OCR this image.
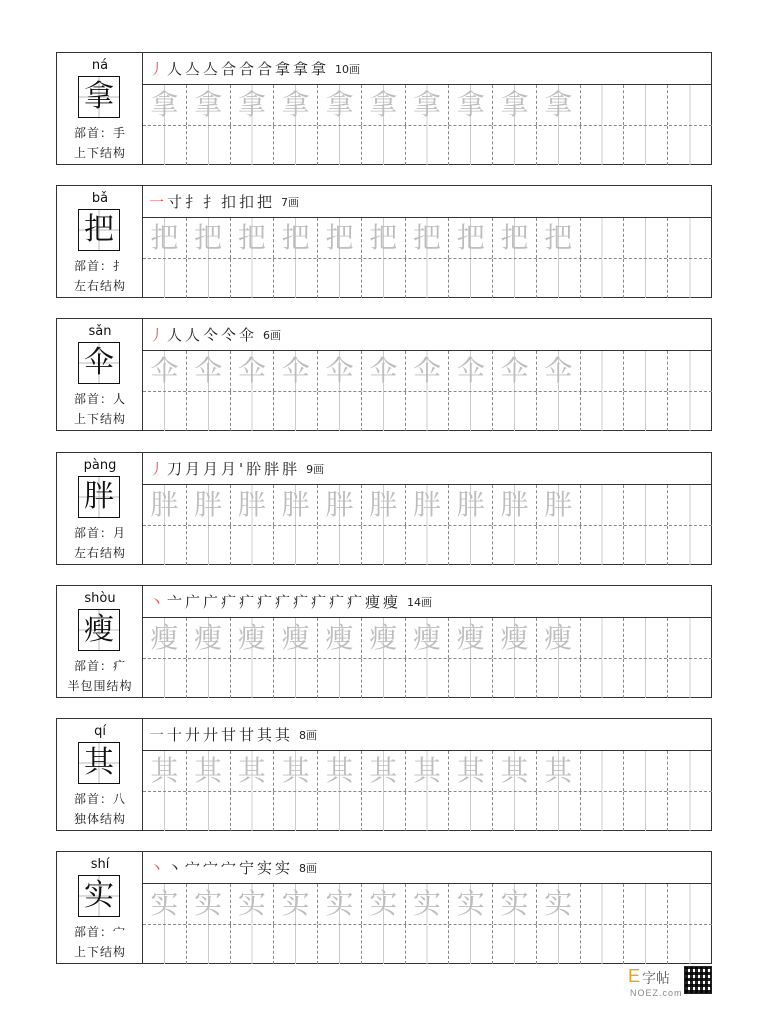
ná
拿
部首：手
上下结构
丿人亼亼合合合拿拿拿 10画
拿 拿 拿 拿 拿 拿 拿 拿 拿 拿
bǎ
把
部首：扌
左右结构
一寸扌扌扣扣把 7画
把 把 把 把 把 把 把 把 把 把
sǎn
伞
部首：人
上下结构
丿人人仒仒伞 6画
伞 伞 伞 伞 伞 伞 伞 伞 伞 伞
pàng
胖
部首：月
左右结构
丿刀月月月'肸胖胖 9画
胖 胖 胖 胖 胖 胖 胖 胖 胖 胖
shòu
瘦
部首：疒
半包围结构
丶亠广广疒疒疒疒疒疒疒疒痩瘦 14画
瘦 瘦 瘦 瘦 瘦 瘦 瘦 瘦 瘦 瘦
qí
其
部首：八
独体结构
一十廾廾甘甘其其 8画
其 其 其 其 其 其 其 其 其 其
shí
实
部首：宀
上下结构
丶丶宀宀宀宁实实 8画
实 实 实 实 实 实 实 实 实 实
E 字帖
NOEZ.com
